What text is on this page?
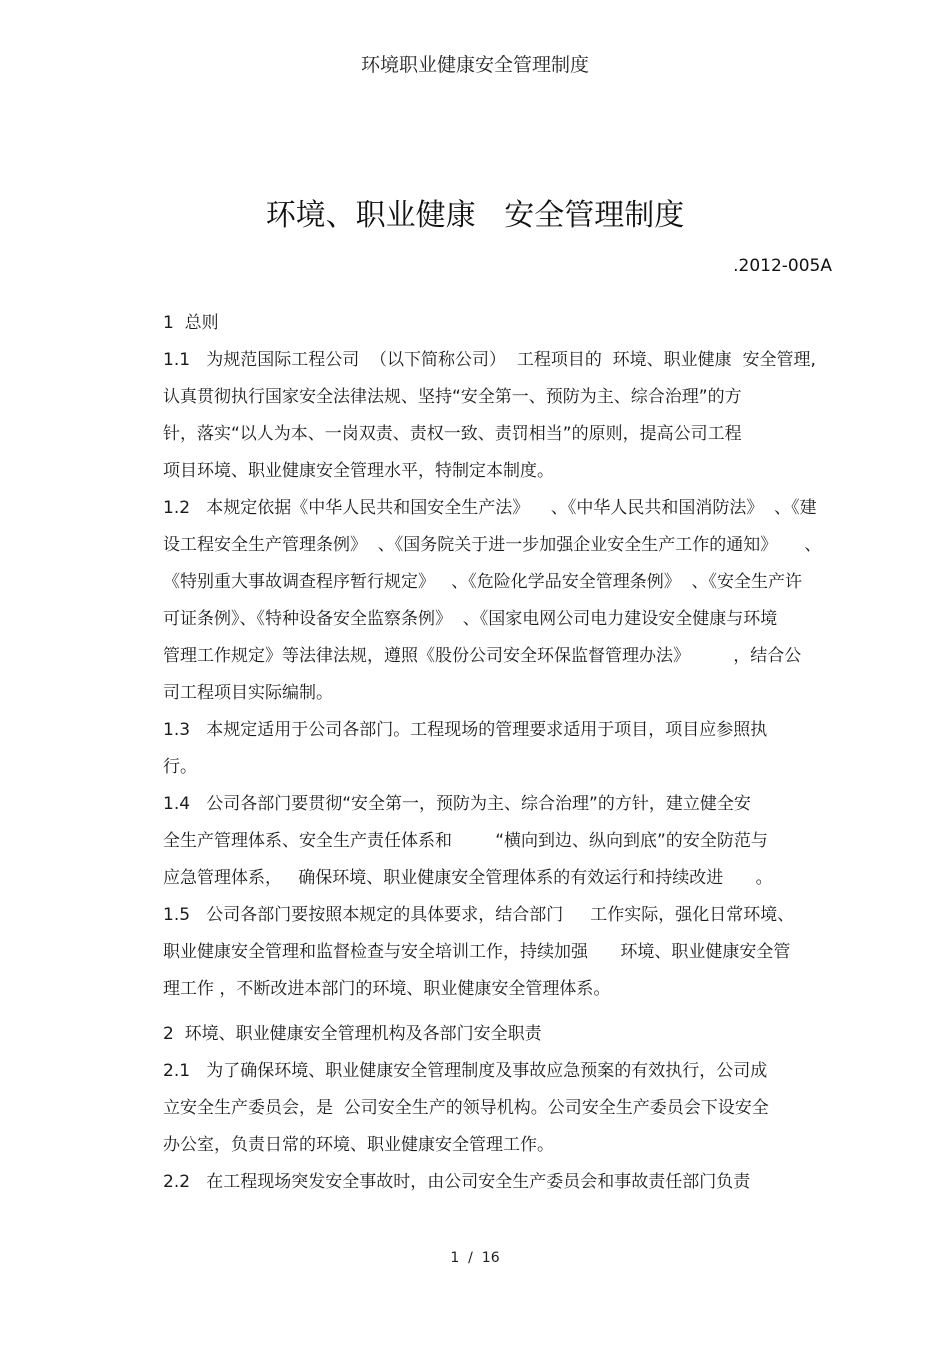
环境职业健康安全管理制度
环境、职业健康   安全管理制度
.2012-005A
1  总则
1.1   为规范国际工程公司  （以下简称公司）  工程项目的  环境、职业健康  安全管理,
认真贯彻执行国家安全法律法规、坚持“安全第一、预防为主、综合治理”的方
针，落实“以人为本、一岗双责、责权一致、责罚相当”的原则，提高公司工程
项目环境、职业健康安全管理水平，特制定本制度。
1.2   本规定依据《中华人民共和国安全生产法》    、《中华人民共和国消防法》  、《建
设工程安全生产管理条例》  、《国务院关于进一步加强企业安全生产工作的通知》     、
《特别重大事故调查程序暂行规定》   、《危险化学品安全管理条例》  、《安全生产许
可证条例》、《特种设备安全监察条例》  、《国家电网公司电力建设安全健康与环境
管理工作规定》等法律法规，遵照《股份公司安全环保监督管理办法》        ，结合公
司工程项目实际编制。
1.3   本规定适用于公司各部门。工程现场的管理要求适用于项目，项目应参照执
行。
1.4   公司各部门要贯彻“安全第一，预防为主、综合治理”的方针，建立健全安
全生产管理体系、安全生产责任体系和        “横向到边、纵向到底”的安全防范与
应急管理体系，   确保环境、职业健康安全管理体系的有效运行和持续改进      。
1.5   公司各部门要按照本规定的具体要求，结合部门     工作实际，强化日常环境、
职业健康安全管理和监督检查与安全培训工作，持续加强      环境、职业健康安全管
理工作 ，不断改进本部门的环境、职业健康安全管理体系。
2  环境、职业健康安全管理机构及各部门安全职责
2.1   为了确保环境、职业健康安全管理制度及事故应急预案的有效执行，公司成
立安全生产委员会，是  公司安全生产的领导机构。公司安全生产委员会下设安全
办公室，负责日常的环境、职业健康安全管理工作。
2.2   在工程现场突发安全事故时，由公司安全生产委员会和事故责任部门负责
1  /  16
